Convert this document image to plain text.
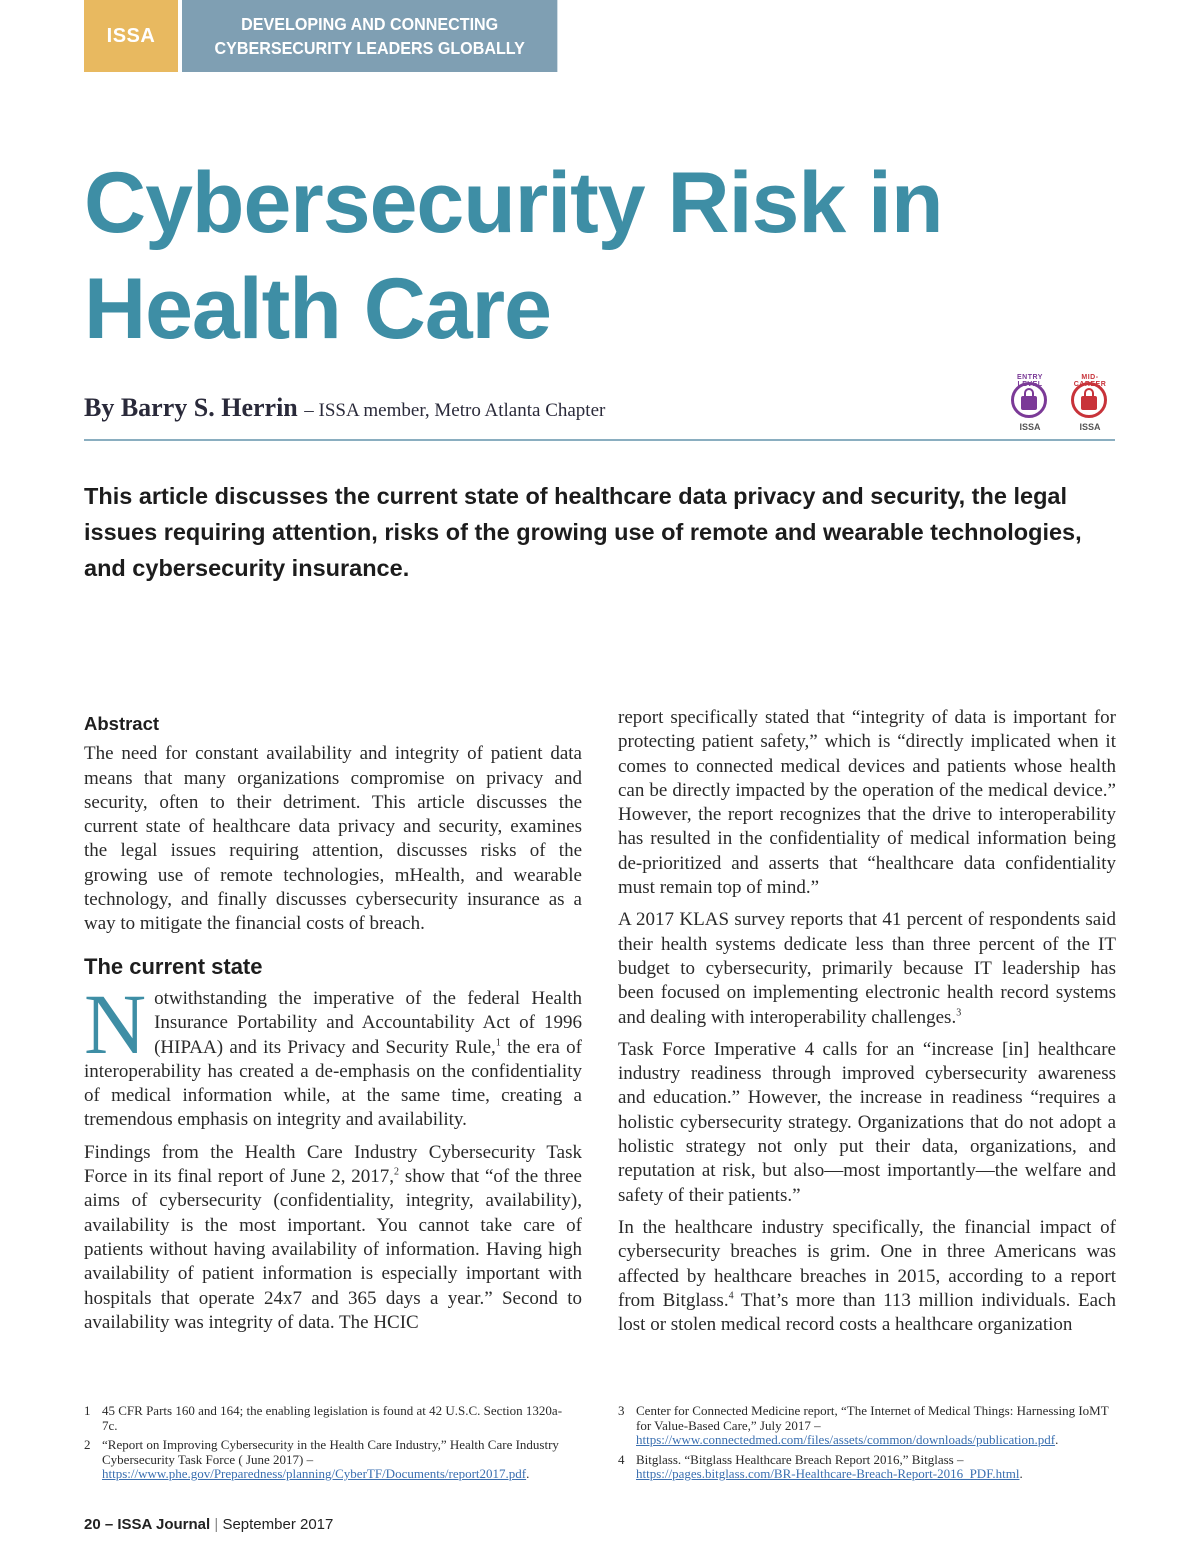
ISSA
DEVELOPING AND CONNECTING
CYBERSECURITY LEADERS GLOBALLY
Cybersecurity Risk in Health Care
By Barry S. Herrin – ISSA member, Metro Atlanta Chapter
ENTRY LEVEL
ISSA
MID-CAREER
ISSA

This article discusses the current state of healthcare data privacy and security, the legal issues requiring attention, risks of the growing use of remote and wearable technologies, and cybersecurity insurance.

Abstract

The need for constant availability and integrity of patient data means that many organizations compromise on privacy and security, often to their detriment. This article discusses the current state of healthcare data privacy and security, examines the legal issues requiring attention, discusses risks of the growing use of remote technologies, mHealth, and wearable technology, and finally discusses cybersecurity insurance as a way to mitigate the financial costs of breach.

The current state

Notwithstanding the imperative of the federal Health Insurance Portability and Accountability Act of 1996 (HIPAA) and its Privacy and Security Rule,$^1$ the era of interoperability has created a de-emphasis on the confidentiality of medical information while, at the same time, creating a tremendous emphasis on integrity and availability.

Findings from the Health Care Industry Cybersecurity Task Force in its final report of June 2, 2017,$^2$ show that “of the three aims of cybersecurity (confidentiality, integrity, availability), availability is the most important. You cannot take care of patients without having availability of information. Having high availability of patient information is especially important with hospitals that operate 24x7 and 365 days a year.” Second to availability was integrity of data. The HCIC

report specifically stated that “integrity of data is important for protecting patient safety,” which is “directly implicated when it comes to connected medical devices and patients whose health can be directly impacted by the operation of the medical device.” However, the report recognizes that the drive to interoperability has resulted in the confidentiality of medical information being de-prioritized and asserts that “healthcare data confidentiality must remain top of mind.”

A 2017 KLAS survey reports that 41 percent of respondents said their health systems dedicate less than three percent of the IT budget to cybersecurity, primarily because IT leadership has been focused on implementing electronic health record systems and dealing with interoperability challenges.$^3$

Task Force Imperative 4 calls for an “increase [in] healthcare industry readiness through improved cybersecurity awareness and education.” However, the increase in readiness “requires a holistic cybersecurity strategy. Organizations that do not adopt a holistic strategy not only put their data, organizations, and reputation at risk, but also—most importantly—the welfare and safety of their patients.”

In the healthcare industry specifically, the financial impact of cybersecurity breaches is grim. One in three Americans was affected by healthcare breaches in 2015, according to a report from Bitglass.$^4$ That’s more than 113 million individuals. Each lost or stolen medical record costs a healthcare organization

1 45 CFR Parts 160 and 164; the enabling legislation is found at 42 U.S.C. Section 1320a-7c.
2 “Report on Improving Cybersecurity in the Health Care Industry,” Health Care Industry Cybersecurity Task Force ( June 2017) – https://www.phe.gov/Preparedness/planning/CyberTF/Documents/report2017.pdf.
3 Center for Connected Medicine report, “The Internet of Medical Things: Harnessing IoMT for Value-Based Care,” July 2017 – https://www.connectedmed.com/files/assets/common/downloads/publication.pdf.
4 Bitglass. “Bitglass Healthcare Breach Report 2016,” Bitglass – https://pages.bitglass.com/BR-Healthcare-Breach-Report-2016_PDF.html.
20 – ISSA Journal | September 2017
